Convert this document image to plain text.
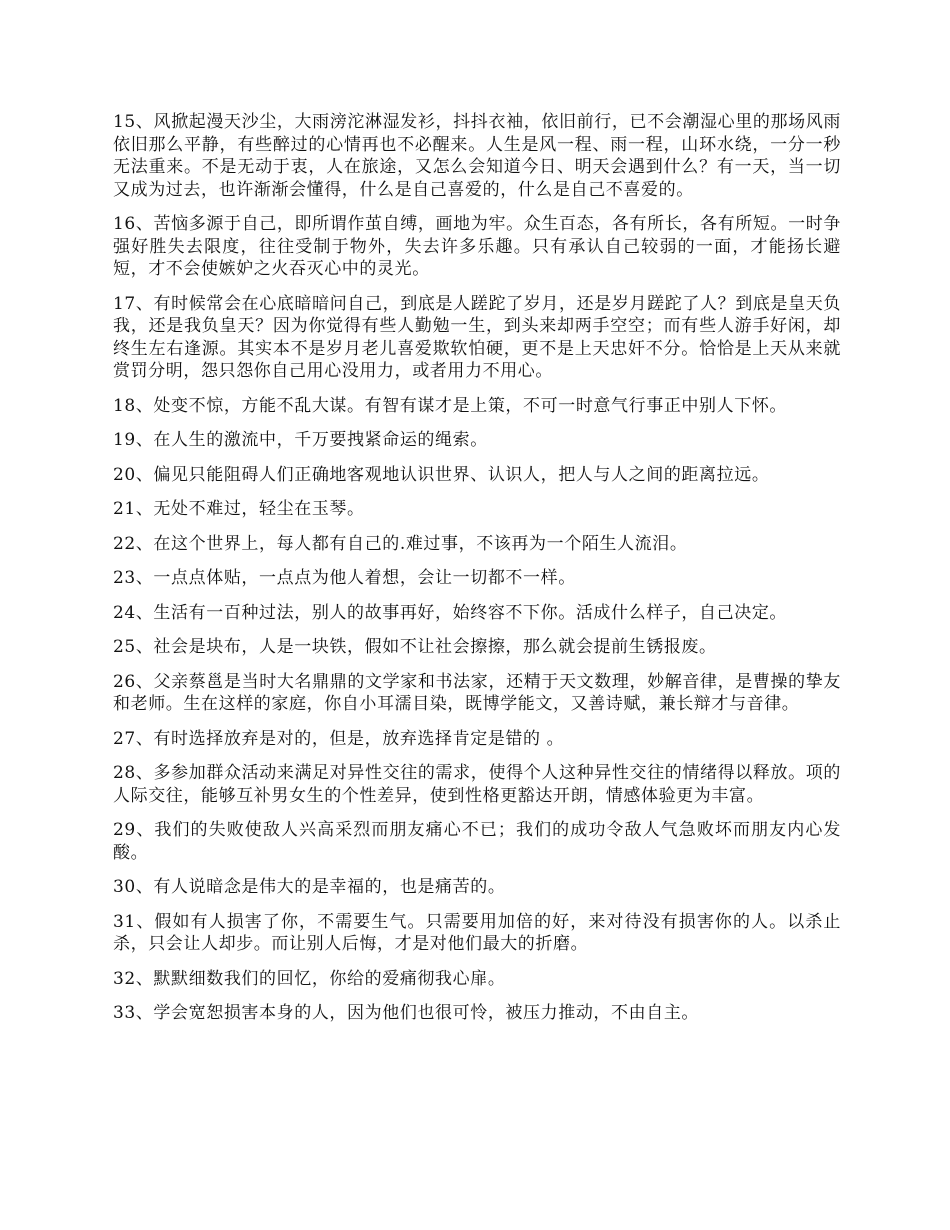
15、风掀起漫天沙尘，大雨滂沱淋湿发衫，抖抖衣袖，依旧前行，已不会潮湿心里的那场风雨依旧那么平静，有些醉过的心情再也不必醒来。人生是风一程、雨一程，山环水绕，一分一秒无法重来。不是无动于衷，人在旅途，又怎么会知道今日、明天会遇到什么？有一天，当一切又成为过去，也许渐渐会懂得，什么是自己喜爱的，什么是自己不喜爱的。

16、苦恼多源于自己，即所谓作茧自缚，画地为牢。众生百态，各有所长，各有所短。一时争强好胜失去限度，往往受制于物外，失去许多乐趣。只有承认自己较弱的一面，才能扬长避短，才不会使嫉妒之火吞灭心中的灵光。

17、有时候常会在心底暗暗问自己，到底是人蹉跎了岁月，还是岁月蹉跎了人？到底是皇天负我，还是我负皇天？因为你觉得有些人勤勉一生，到头来却两手空空；而有些人游手好闲，却终生左右逢源。其实本不是岁月老儿喜爱欺软怕硬，更不是上天忠奸不分。恰恰是上天从来就赏罚分明，怨只怨你自己用心没用力，或者用力不用心。

18、处变不惊，方能不乱大谋。有智有谋才是上策，不可一时意气行事正中别人下怀。

19、在人生的激流中，千万要拽紧命运的绳索。

20、偏见只能阻碍人们正确地客观地认识世界、认识人，把人与人之间的距离拉远。

21、无处不难过，轻尘在玉琴。

22、在这个世界上，每人都有自己的.难过事，不该再为一个陌生人流泪。

23、一点点体贴，一点点为他人着想，会让一切都不一样。

24、生活有一百种过法，别人的故事再好，始终容不下你。活成什么样子，自己决定。

25、社会是块布，人是一块铁，假如不让社会擦擦，那么就会提前生锈报废。

26、父亲蔡邕是当时大名鼎鼎的文学家和书法家，还精于天文数理，妙解音律，是曹操的挚友和老师。生在这样的家庭，你自小耳濡目染，既博学能文，又善诗赋，兼长辩才与音律。

27、有时选择放弃是对的，但是，放弃选择肯定是错的 。

28、多参加群众活动来满足对异性交往的需求，使得个人这种异性交往的情绪得以释放。项的人际交往，能够互补男女生的个性差异，使到性格更豁达开朗，情感体验更为丰富。

29、我们的失败使敌人兴高采烈而朋友痛心不已；我们的成功令敌人气急败坏而朋友内心发酸。

30、有人说暗念是伟大的是幸福的，也是痛苦的。

31、假如有人损害了你，不需要生气。只需要用加倍的好，来对待没有损害你的人。以杀止杀，只会让人却步。而让别人后悔，才是对他们最大的折磨。

32、默默细数我们的回忆，你给的爱痛彻我心扉。

33、学会宽恕损害本身的人，因为他们也很可怜，被压力推动，不由自主。
